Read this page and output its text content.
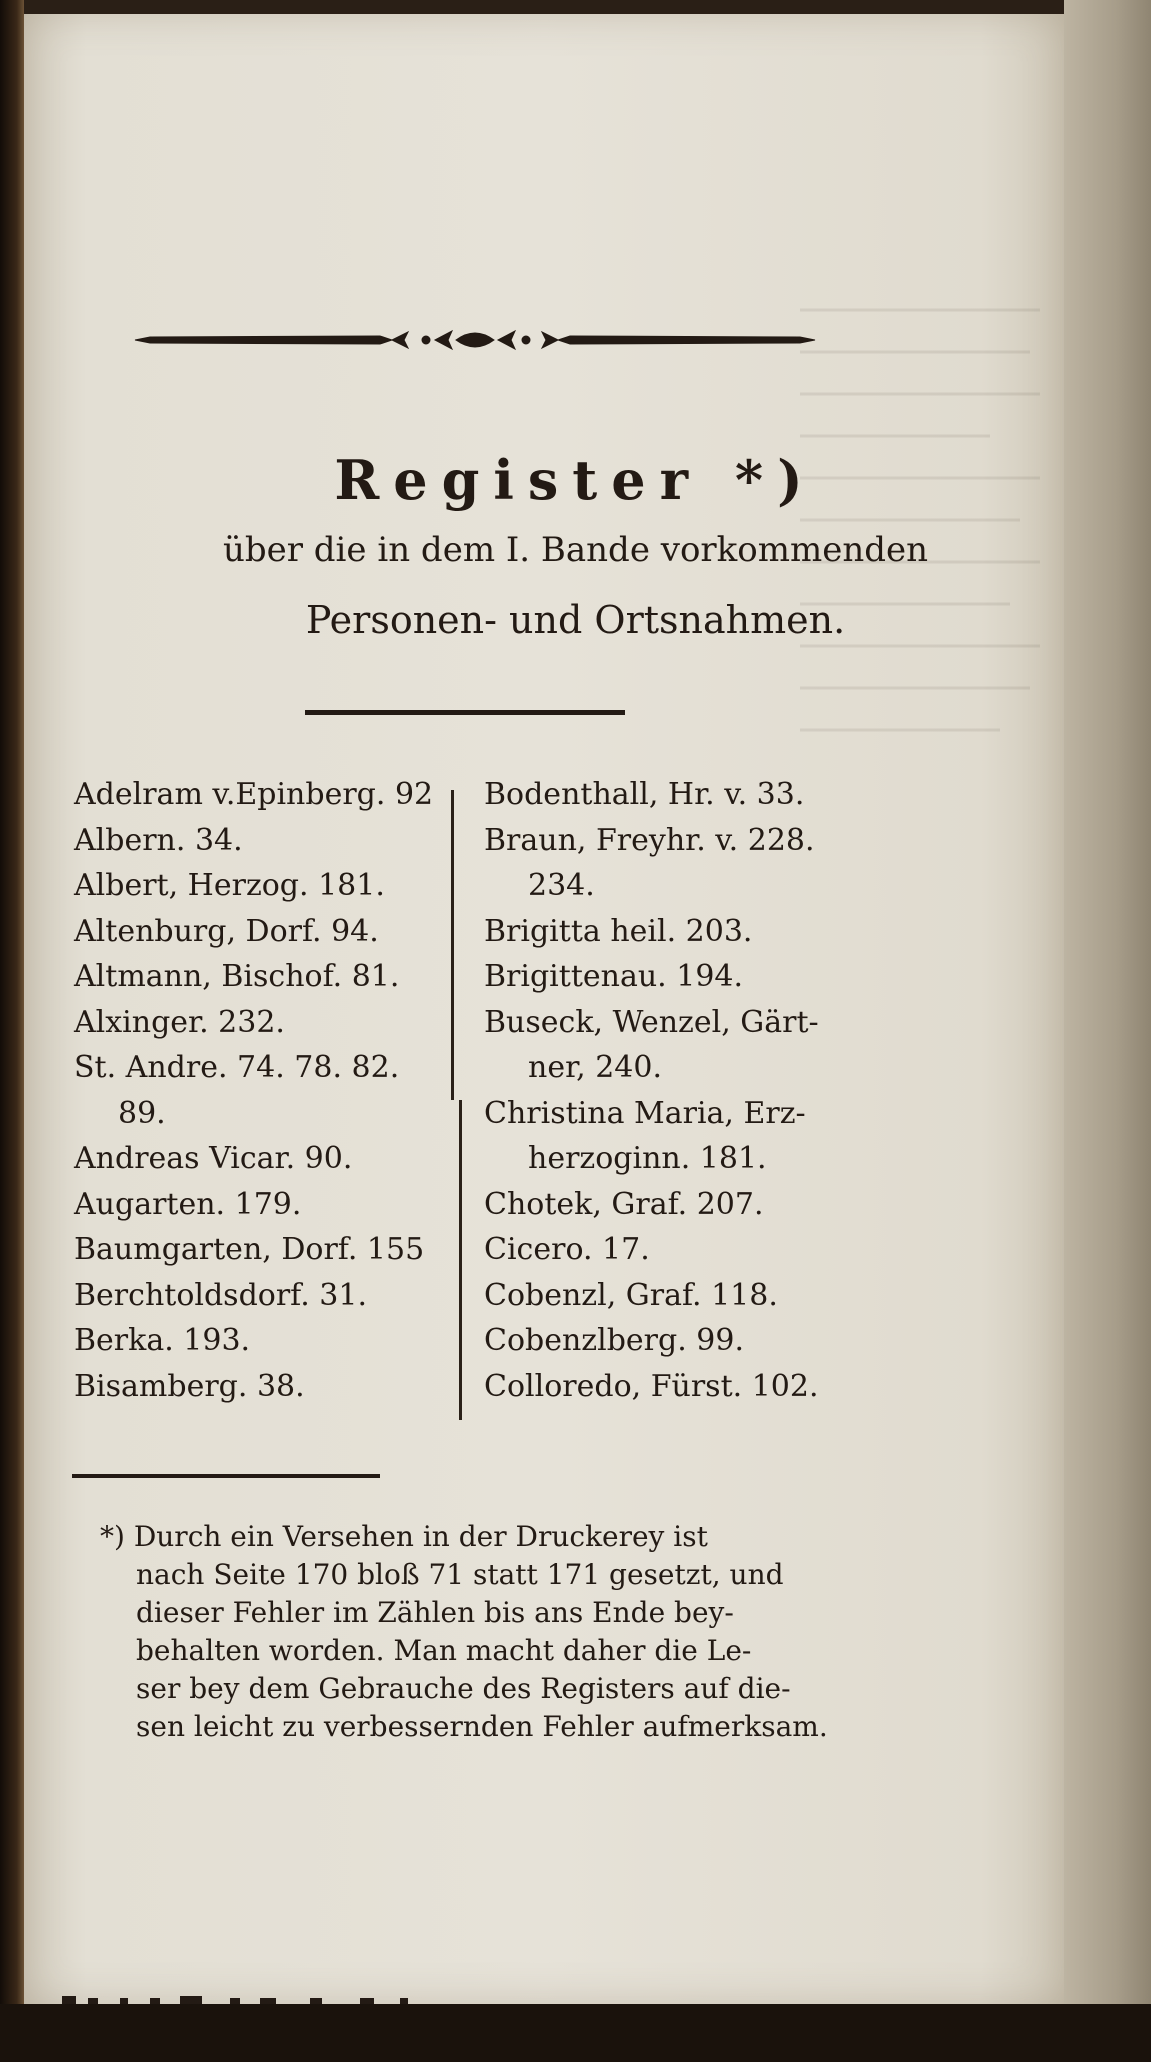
Register *)
über die in dem I. Bande vorkommenden
Personen- und Ortsnahmen.
Adelram v.Epinberg. 92
Albern. 34.
Albert, Herzog. 181.
Altenburg, Dorf. 94.
Altmann, Bischof. 81.
Alxinger. 232.
St. Andre. 74. 78. 82.
89.
Andreas Vicar. 90.
Augarten. 179.
Baumgarten, Dorf. 155
Berchtoldsdorf. 31.
Berka. 193.
Bisamberg. 38.
Bodenthall, Hr. v. 33.
Braun, Freyhr. v. 228.
234.
Brigitta heil. 203.
Brigittenau. 194.
Buseck, Wenzel, Gärt-
ner, 240.
Christina Maria, Erz-
herzoginn. 181.
Chotek, Graf. 207.
Cicero. 17.
Cobenzl, Graf. 118.
Cobenzlberg. 99.
Colloredo, Fürst. 102.
*) Durch ein Versehen in der Druckerey ist
nach Seite 170 bloß 71 statt 171 gesetzt, und
dieser Fehler im Zählen bis ans Ende bey-
behalten worden. Man macht daher die Le-
ser bey dem Gebrauche des Registers auf die-
sen leicht zu verbessernden Fehler aufmerksam.
